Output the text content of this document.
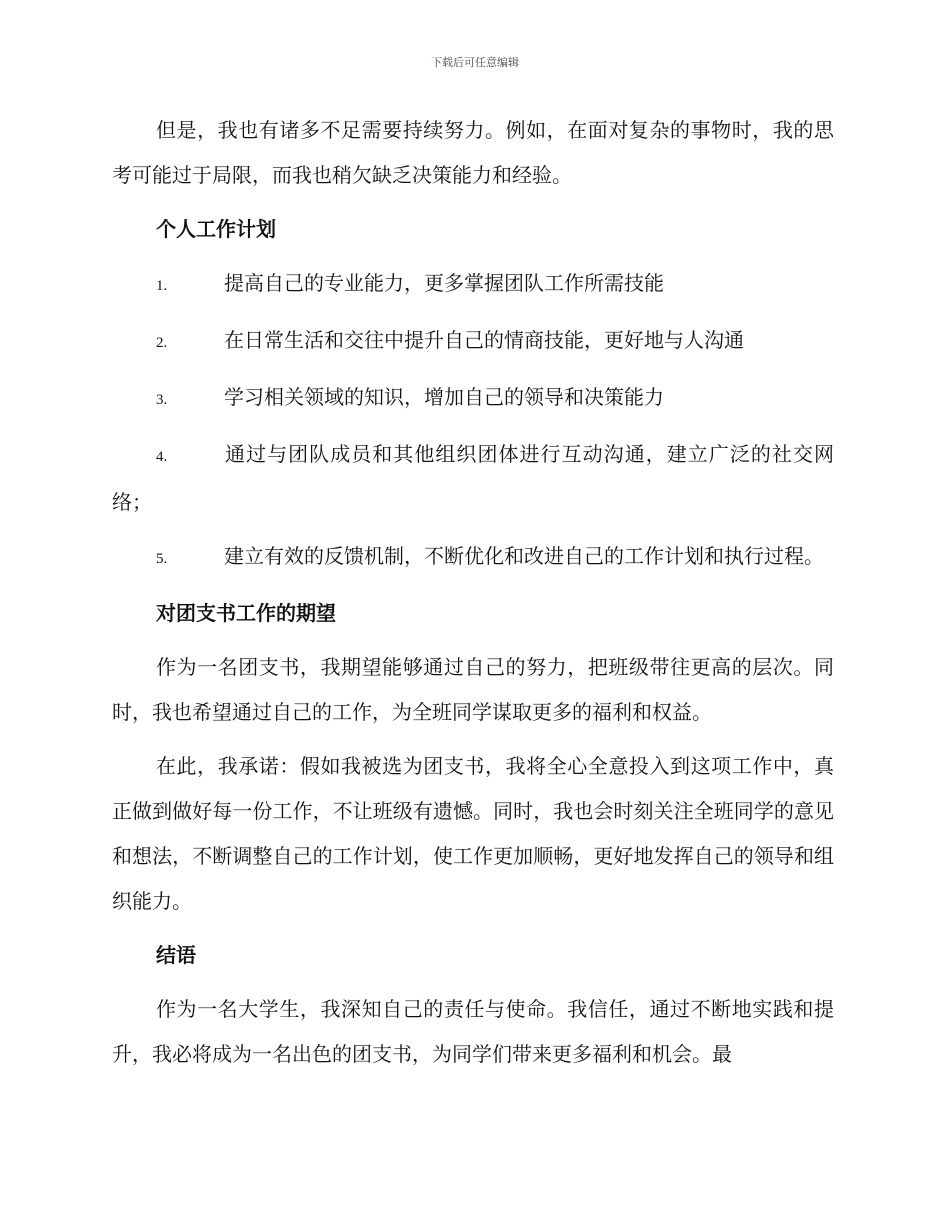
下载后可任意编辑

但是，我也有诸多不足需要持续努力。例如，在面对复杂的事物时，我的思考可能过于局限，而我也稍欠缺乏决策能力和经验。

个人工作计划
1.	提高自己的专业能力，更多掌握团队工作所需技能
2.	在日常生活和交往中提升自己的情商技能，更好地与人沟通
3.	学习相关领域的知识，增加自己的领导和决策能力
4.	通过与团队成员和其他组织团体进行互动沟通，建立广泛的社交网络；
5.	建立有效的反馈机制，不断优化和改进自己的工作计划和执行过程。
对团支书工作的期望

作为一名团支书，我期望能够通过自己的努力，把班级带往更高的层次。同时，我也希望通过自己的工作，为全班同学谋取更多的福利和权益。

在此，我承诺：假如我被选为团支书，我将全心全意投入到这项工作中，真正做到做好每一份工作，不让班级有遗憾。同时，我也会时刻关注全班同学的意见和想法，不断调整自己的工作计划，使工作更加顺畅，更好地发挥自己的领导和组织能力。

结语

作为一名大学生，我深知自己的责任与使命。我信任，通过不断地实践和提升，我必将成为一名出色的团支书，为同学们带来更多福利和机会。最
